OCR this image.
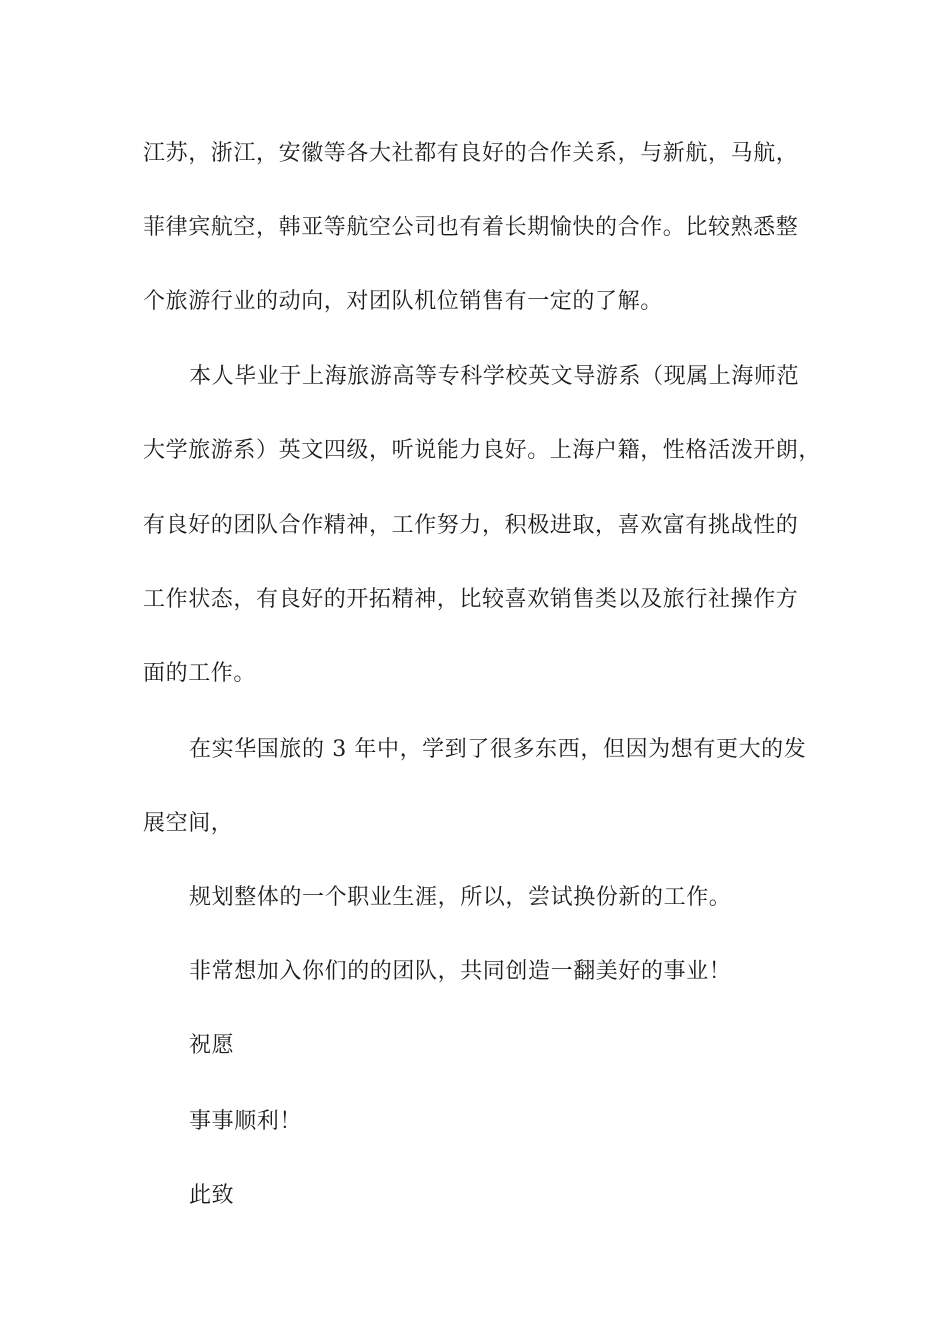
江苏，浙江，安徽等各大社都有良好的合作关系，与新航，马航，
菲律宾航空，韩亚等航空公司也有着长期愉快的合作。比较熟悉整
个旅游行业的动向，对团队机位销售有一定的了解。
本人毕业于上海旅游高等专科学校英文导游系（现属上海师范
大学旅游系）英文四级，听说能力良好。上海户籍，性格活泼开朗，
有良好的团队合作精神，工作努力，积极进取，喜欢富有挑战性的
工作状态，有良好的开拓精神，比较喜欢销售类以及旅行社操作方
面的工作。
在实华国旅的 3 年中，学到了很多东西，但因为想有更大的发
展空间，
规划整体的一个职业生涯，所以，尝试换份新的工作。
非常想加入你们的的团队，共同创造一翻美好的事业！
祝愿
事事顺利！
此致
